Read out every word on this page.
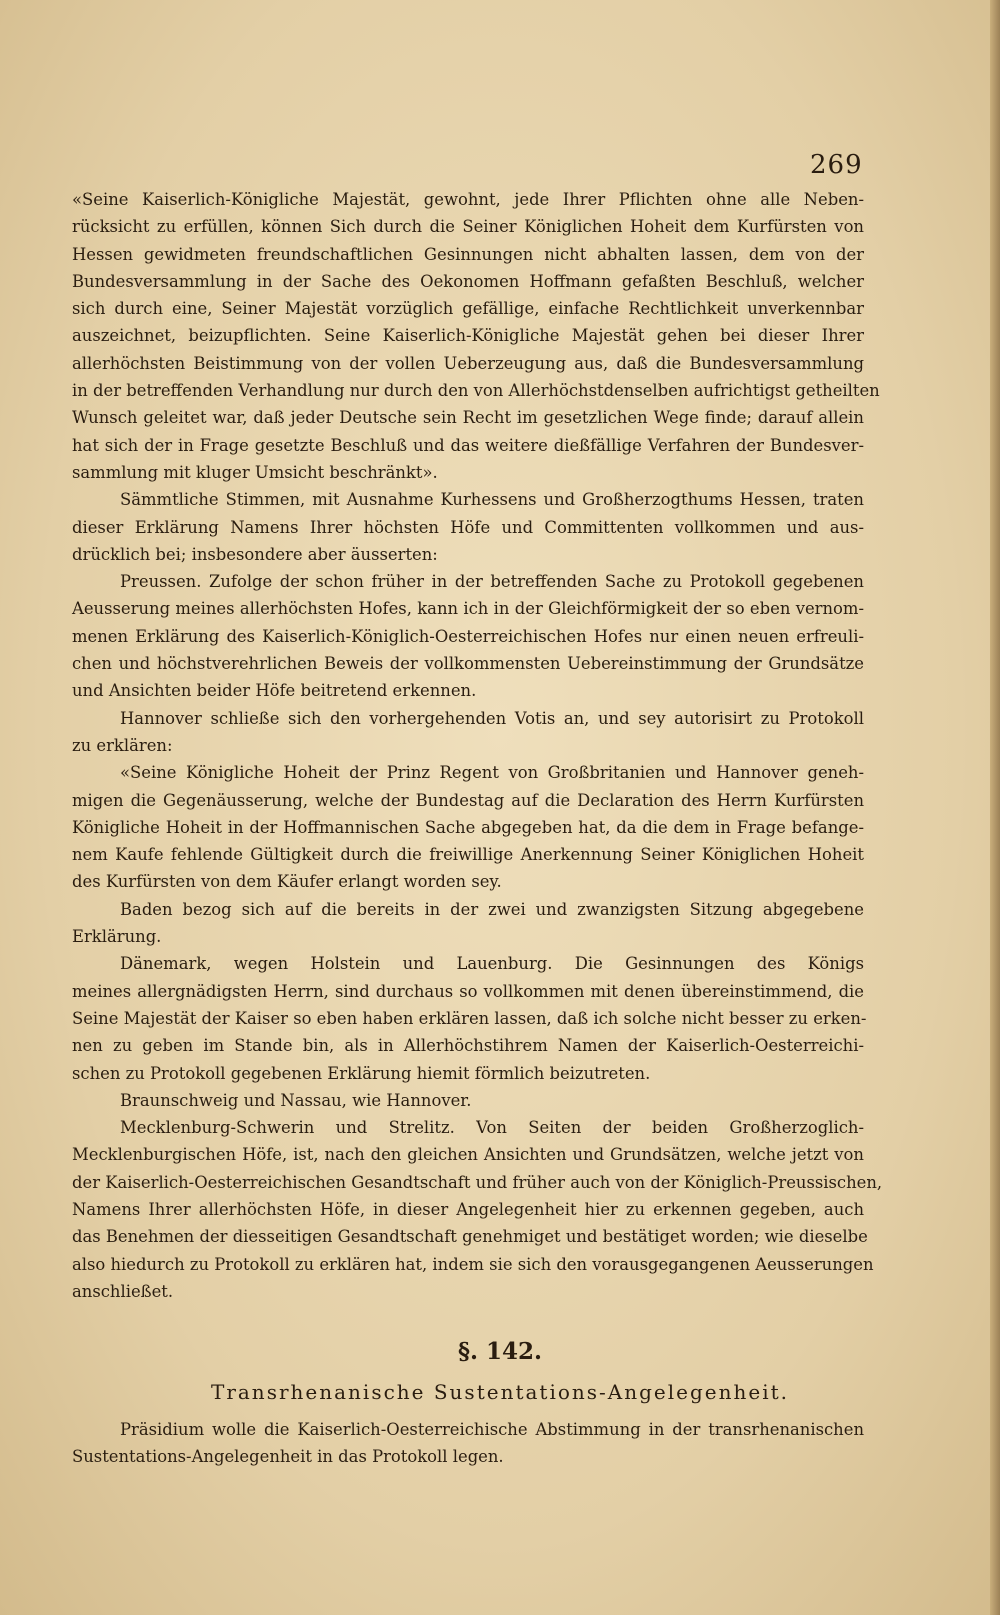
269
«Seine Kaiserlich-Königliche Majestät, gewohnt, jede Ihrer Pflichten ohne alle Neben-
rücksicht zu erfüllen, können Sich durch die Seiner Königlichen Hoheit dem Kurfürsten von
Hessen gewidmeten freundschaftlichen Gesinnungen nicht abhalten lassen, dem von der
Bundesversammlung in der Sache des Oekonomen Hoffmann gefaßten Beschluß, welcher
sich durch eine, Seiner Majestät vorzüglich gefällige, einfache Rechtlichkeit unverkennbar
auszeichnet, beizupflichten. Seine Kaiserlich-Königliche Majestät gehen bei dieser Ihrer
allerhöchsten Beistimmung von der vollen Ueberzeugung aus, daß die Bundesversammlung
in der betreffenden Verhandlung nur durch den von Allerhöchstdenselben aufrichtigst getheilten
Wunsch geleitet war, daß jeder Deutsche sein Recht im gesetzlichen Wege finde; darauf allein
hat sich der in Frage gesetzte Beschluß und das weitere dießfällige Verfahren der Bundesver-
sammlung mit kluger Umsicht beschränkt».
Sämmtliche Stimmen, mit Ausnahme Kurhessens und Großherzogthums Hessen, traten
dieser Erklärung Namens Ihrer höchsten Höfe und Committenten vollkommen und aus-
drücklich bei; insbesondere aber äusserten:
Preussen. Zufolge der schon früher in der betreffenden Sache zu Protokoll gegebenen
Aeusserung meines allerhöchsten Hofes, kann ich in der Gleichförmigkeit der so eben vernom-
menen Erklärung des Kaiserlich-Königlich-Oesterreichischen Hofes nur einen neuen erfreuli-
chen und höchstverehrlichen Beweis der vollkommensten Uebereinstimmung der Grundsätze
und Ansichten beider Höfe beitretend erkennen.
Hannover schließe sich den vorhergehenden Votis an, und sey autorisirt zu Protokoll
zu erklären:
«Seine Königliche Hoheit der Prinz Regent von Großbritanien und Hannover geneh-
migen die Gegenäusserung, welche der Bundestag auf die Declaration des Herrn Kurfürsten
Königliche Hoheit in der Hoffmannischen Sache abgegeben hat, da die dem in Frage befange-
nem Kaufe fehlende Gültigkeit durch die freiwillige Anerkennung Seiner Königlichen Hoheit
des Kurfürsten von dem Käufer erlangt worden sey.
Baden bezog sich auf die bereits in der zwei und zwanzigsten Sitzung abgegebene
Erklärung.
Dänemark, wegen Holstein und Lauenburg. Die Gesinnungen des Königs
meines allergnädigsten Herrn, sind durchaus so vollkommen mit denen übereinstimmend, die
Seine Majestät der Kaiser so eben haben erklären lassen, daß ich solche nicht besser zu erken-
nen zu geben im Stande bin, als in Allerhöchstihrem Namen der Kaiserlich-Oesterreichi-
schen zu Protokoll gegebenen Erklärung hiemit förmlich beizutreten.
Braunschweig und Nassau, wie Hannover.
Mecklenburg-Schwerin und Strelitz. Von Seiten der beiden Großherzoglich-
Mecklenburgischen Höfe, ist, nach den gleichen Ansichten und Grundsätzen, welche jetzt von
der Kaiserlich-Oesterreichischen Gesandtschaft und früher auch von der Königlich-Preussischen,
Namens Ihrer allerhöchsten Höfe, in dieser Angelegenheit hier zu erkennen gegeben, auch
das Benehmen der diesseitigen Gesandtschaft genehmiget und bestätiget worden; wie dieselbe
also hiedurch zu Protokoll zu erklären hat, indem sie sich den vorausgegangenen Aeusserungen
anschließet.
§. 142.
Transrhenanische Sustentations-Angelegenheit.
Präsidium wolle die Kaiserlich-Oesterreichische Abstimmung in der transrhenanischen
Sustentations-Angelegenheit in das Protokoll legen.
